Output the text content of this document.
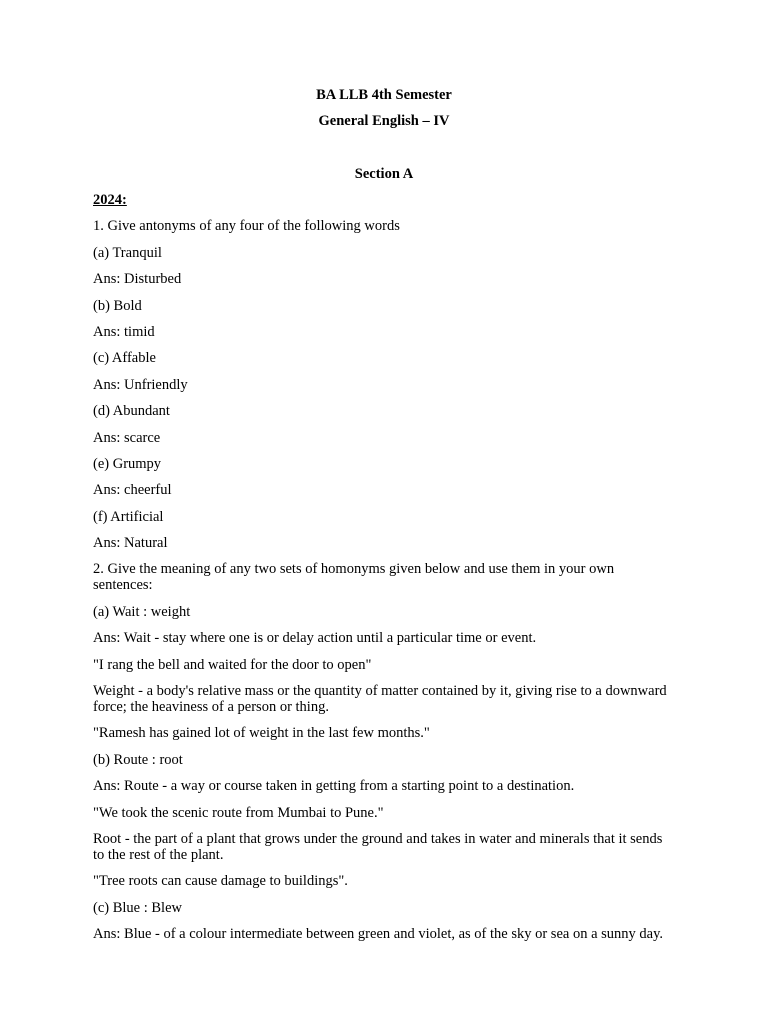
BA LLB 4th Semester
General English – IV
Section A

2024:

1. Give antonyms of any four of the following words

(a) Tranquil

Ans: Disturbed

(b) Bold

Ans: timid

(c) Affable

Ans: Unfriendly

(d) Abundant

Ans: scarce

(e) Grumpy

Ans: cheerful

(f) Artificial

Ans: Natural

2. Give the meaning of any two sets of homonyms given below and use them in your own sentences:

(a) Wait : weight

Ans: Wait - stay where one is or delay action until a particular time or event.

"I rang the bell and waited for the door to open"

Weight - a body's relative mass or the quantity of matter contained by it, giving rise to a downward force; the heaviness of a person or thing.

"Ramesh has gained lot of weight in the last few months."

(b) Route : root

Ans: Route - a way or course taken in getting from a starting point to a destination.

"We took the scenic route from Mumbai to Pune."

Root - the part of a plant that grows under the ground and takes in water and minerals that it sends to the rest of the plant.

"Tree roots can cause damage to buildings".

(c) Blue : Blew

Ans: Blue - of a colour intermediate between green and violet, as of the sky or sea on a sunny day.
